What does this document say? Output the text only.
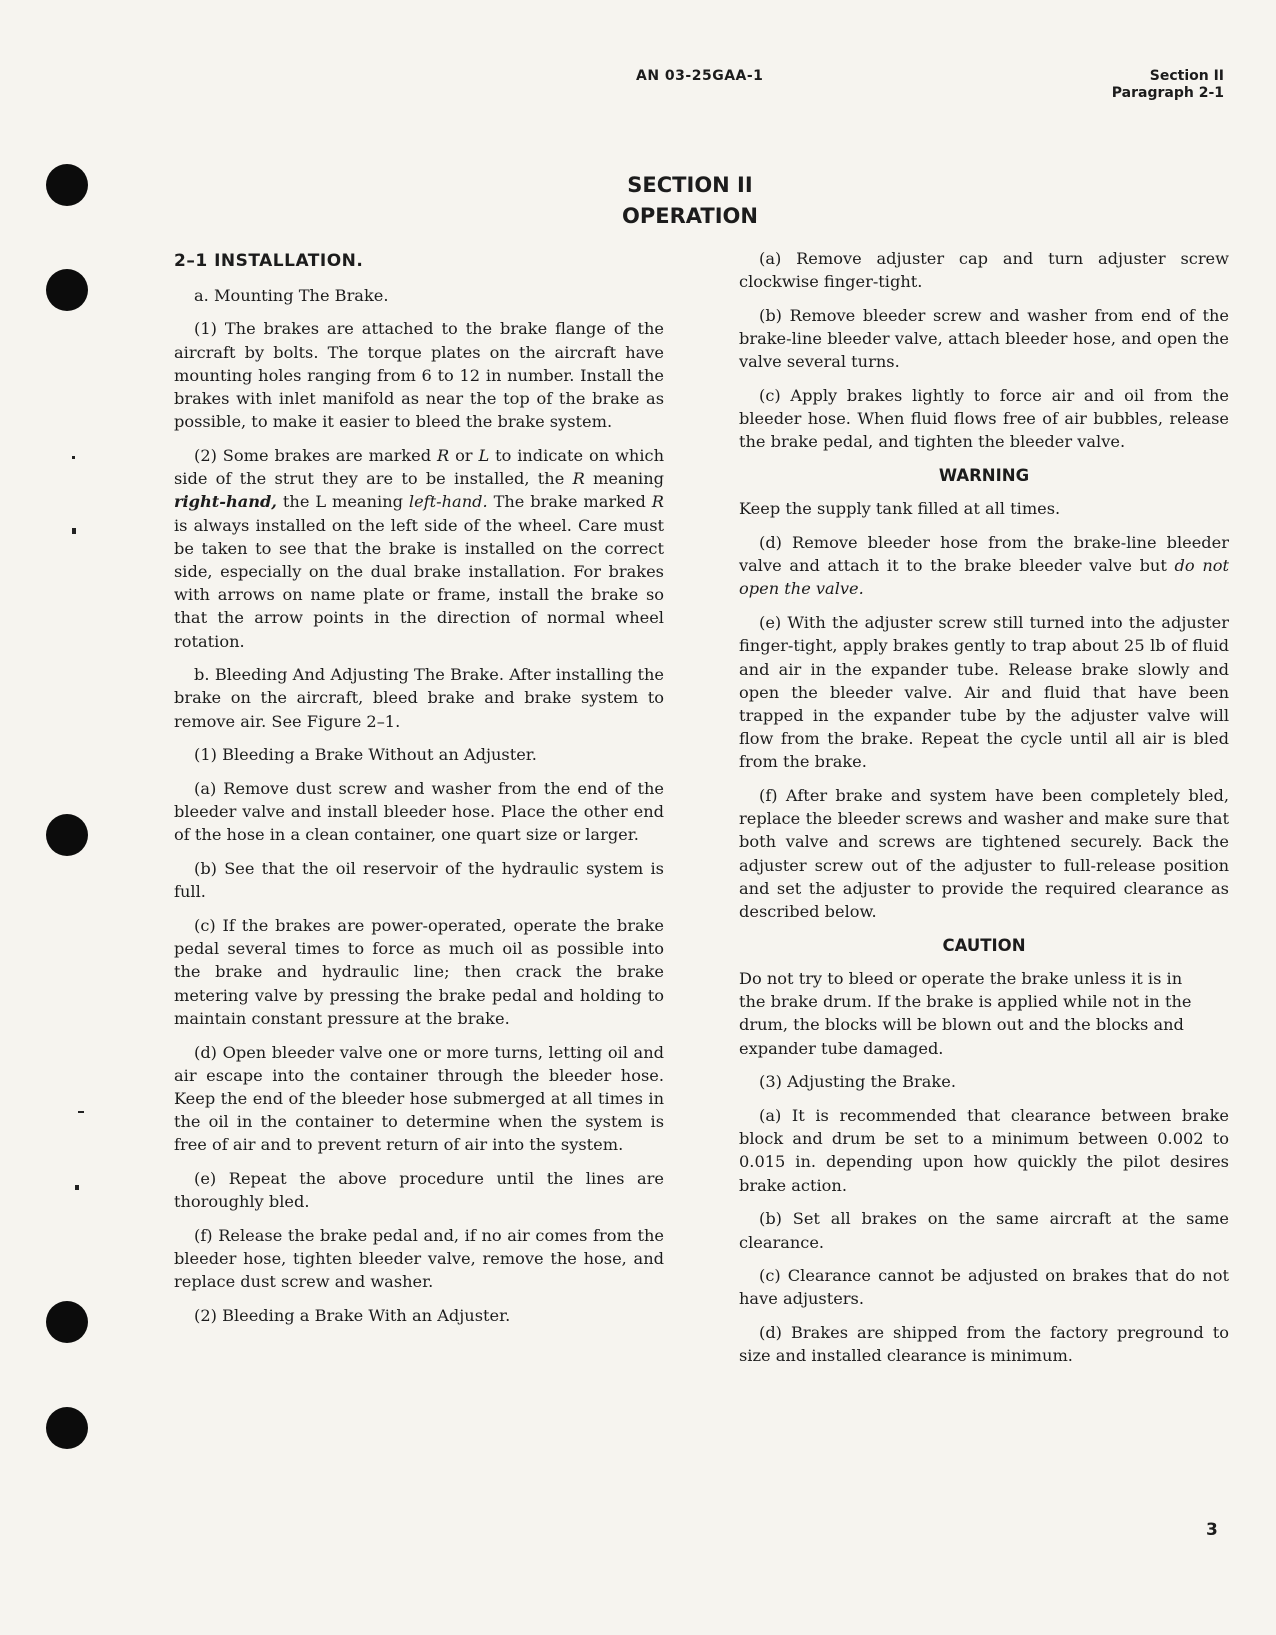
AN 03-25GAA-1	Section II
Paragraph 2-1
SECTION II
OPERATION

2–1 INSTALLATION.

a. Mounting The Brake.

(1) The brakes are attached to the brake flange of the aircraft by bolts. The torque plates on the aircraft have mounting holes ranging from 6 to 12 in number. Install the brakes with inlet manifold as near the top of the brake as possible, to make it easier to bleed the brake system.

(2) Some brakes are marked R or L to indicate on which side of the strut they are to be installed, the R meaning right-hand, the L meaning left-hand. The brake marked R is always installed on the left side of the wheel. Care must be taken to see that the brake is installed on the correct side, especially on the dual brake installation. For brakes with arrows on name plate or frame, install the brake so that the arrow points in the direction of normal wheel rotation.

b. Bleeding And Adjusting The Brake. After installing the brake on the aircraft, bleed brake and brake system to remove air. See Figure 2–1.

(1) Bleeding a Brake Without an Adjuster.

(a) Remove dust screw and washer from the end of the bleeder valve and install bleeder hose. Place the other end of the hose in a clean container, one quart size or larger.

(b) See that the oil reservoir of the hydraulic system is full.

(c) If the brakes are power-operated, operate the brake pedal several times to force as much oil as possible into the brake and hydraulic line; then crack the brake metering valve by pressing the brake pedal and holding to maintain constant pressure at the brake.

(d) Open bleeder valve one or more turns, letting oil and air escape into the container through the bleeder hose. Keep the end of the bleeder hose submerged at all times in the oil in the container to determine when the system is free of air and to prevent return of air into the system.

(e) Repeat the above procedure until the lines are thoroughly bled.

(f) Release the brake pedal and, if no air comes from the bleeder hose, tighten bleeder valve, remove the hose, and replace dust screw and washer.

(2) Bleeding a Brake With an Adjuster.

(a) Remove adjuster cap and turn adjuster screw clockwise finger-tight.

(b) Remove bleeder screw and washer from end of the brake-line bleeder valve, attach bleeder hose, and open the valve several turns.

(c) Apply brakes lightly to force air and oil from the bleeder hose. When fluid flows free of air bubbles, release the brake pedal, and tighten the bleeder valve.

WARNING

Keep the supply tank filled at all times.

(d) Remove bleeder hose from the brake-line bleeder valve and attach it to the brake bleeder valve but do not open the valve.

(e) With the adjuster screw still turned into the adjuster finger-tight, apply brakes gently to trap about 25 lb of fluid and air in the expander tube. Release brake slowly and open the bleeder valve. Air and fluid that have been trapped in the expander tube by the adjuster valve will flow from the brake. Repeat the cycle until all air is bled from the brake.

(f) After brake and system have been completely bled, replace the bleeder screws and washer and make sure that both valve and screws are tightened securely. Back the adjuster screw out of the adjuster to full-release position and set the adjuster to provide the required clearance as described below.

CAUTION

Do not try to bleed or operate the brake unless it is in the brake drum. If the brake is applied while not in the drum, the blocks will be blown out and the blocks and expander tube damaged.

(3) Adjusting the Brake.

(a) It is recommended that clearance between brake block and drum be set to a minimum between 0.002 to 0.015 in. depending upon how quickly the pilot desires brake action.

(b) Set all brakes on the same aircraft at the same clearance.

(c) Clearance cannot be adjusted on brakes that do not have adjusters.

(d) Brakes are shipped from the factory preground to size and installed clearance is minimum.

3
